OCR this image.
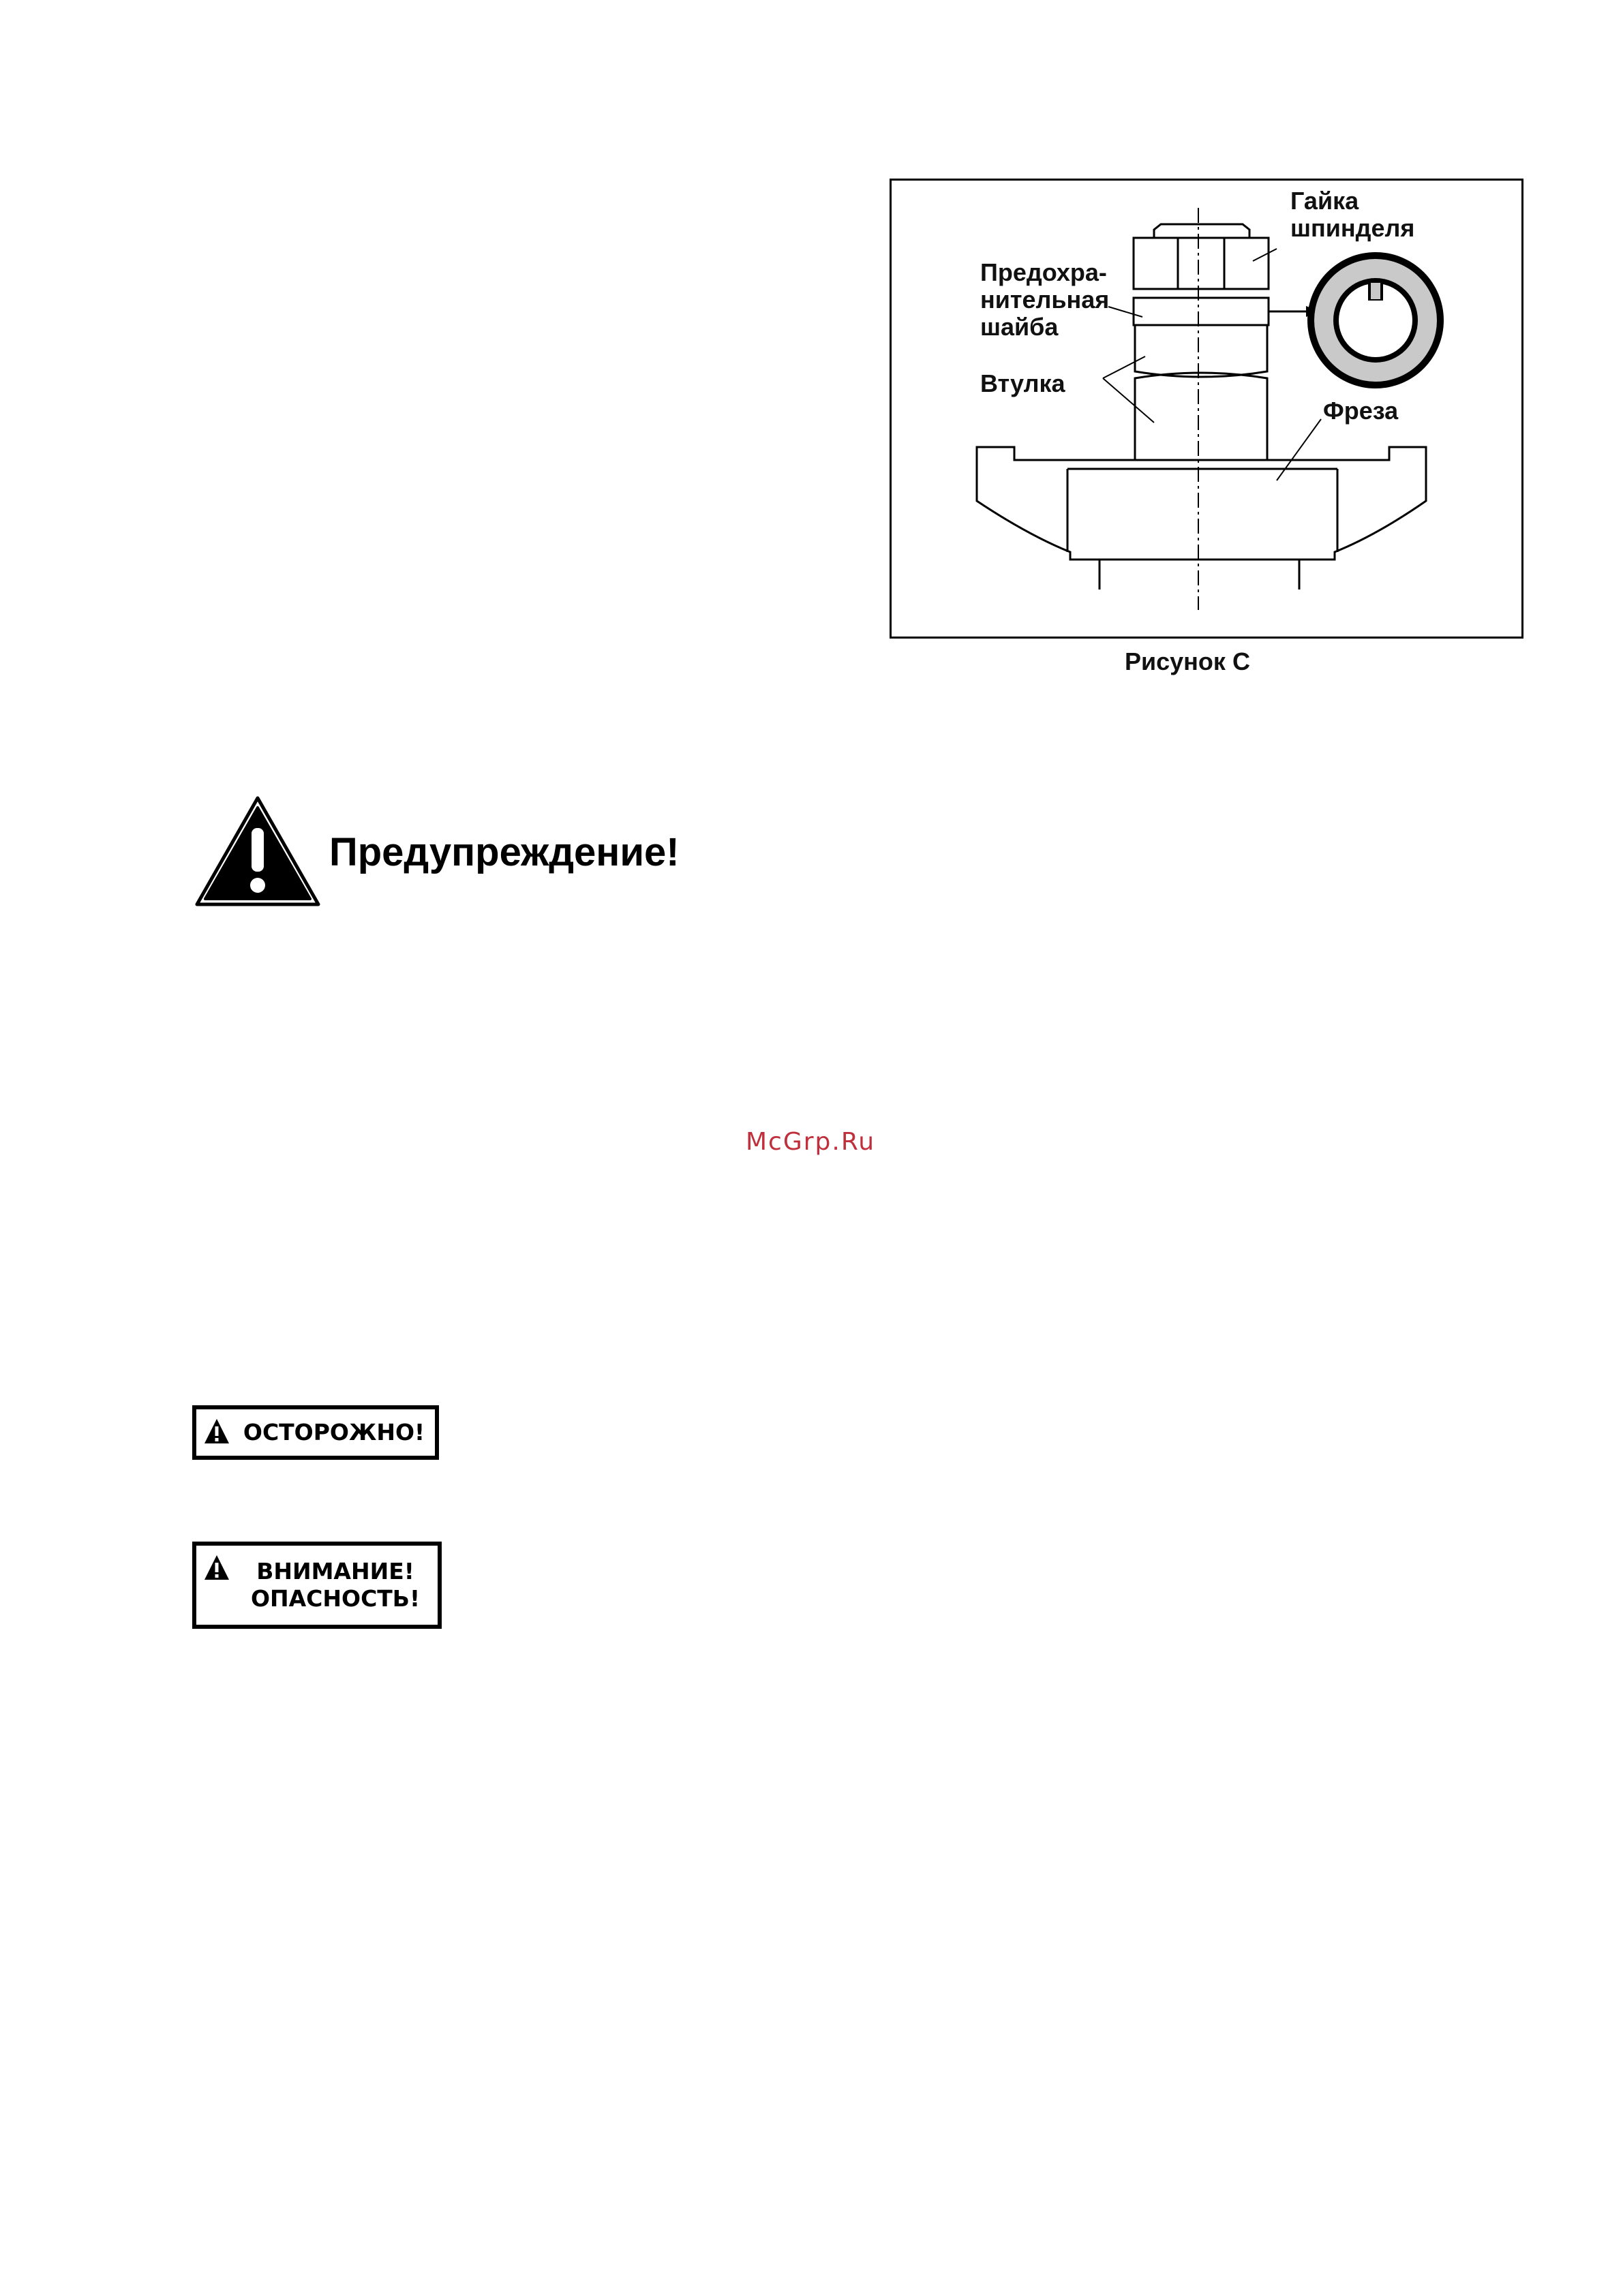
Гайка
шпинделя
Предохра-
нительная
шайба
Втулка
Фреза
Рисунок С
Предупреждение!
McGrp.Ru
ОСТОРОЖНО!
ВНИМАНИЕ!
ОПАСНОСТЬ!
